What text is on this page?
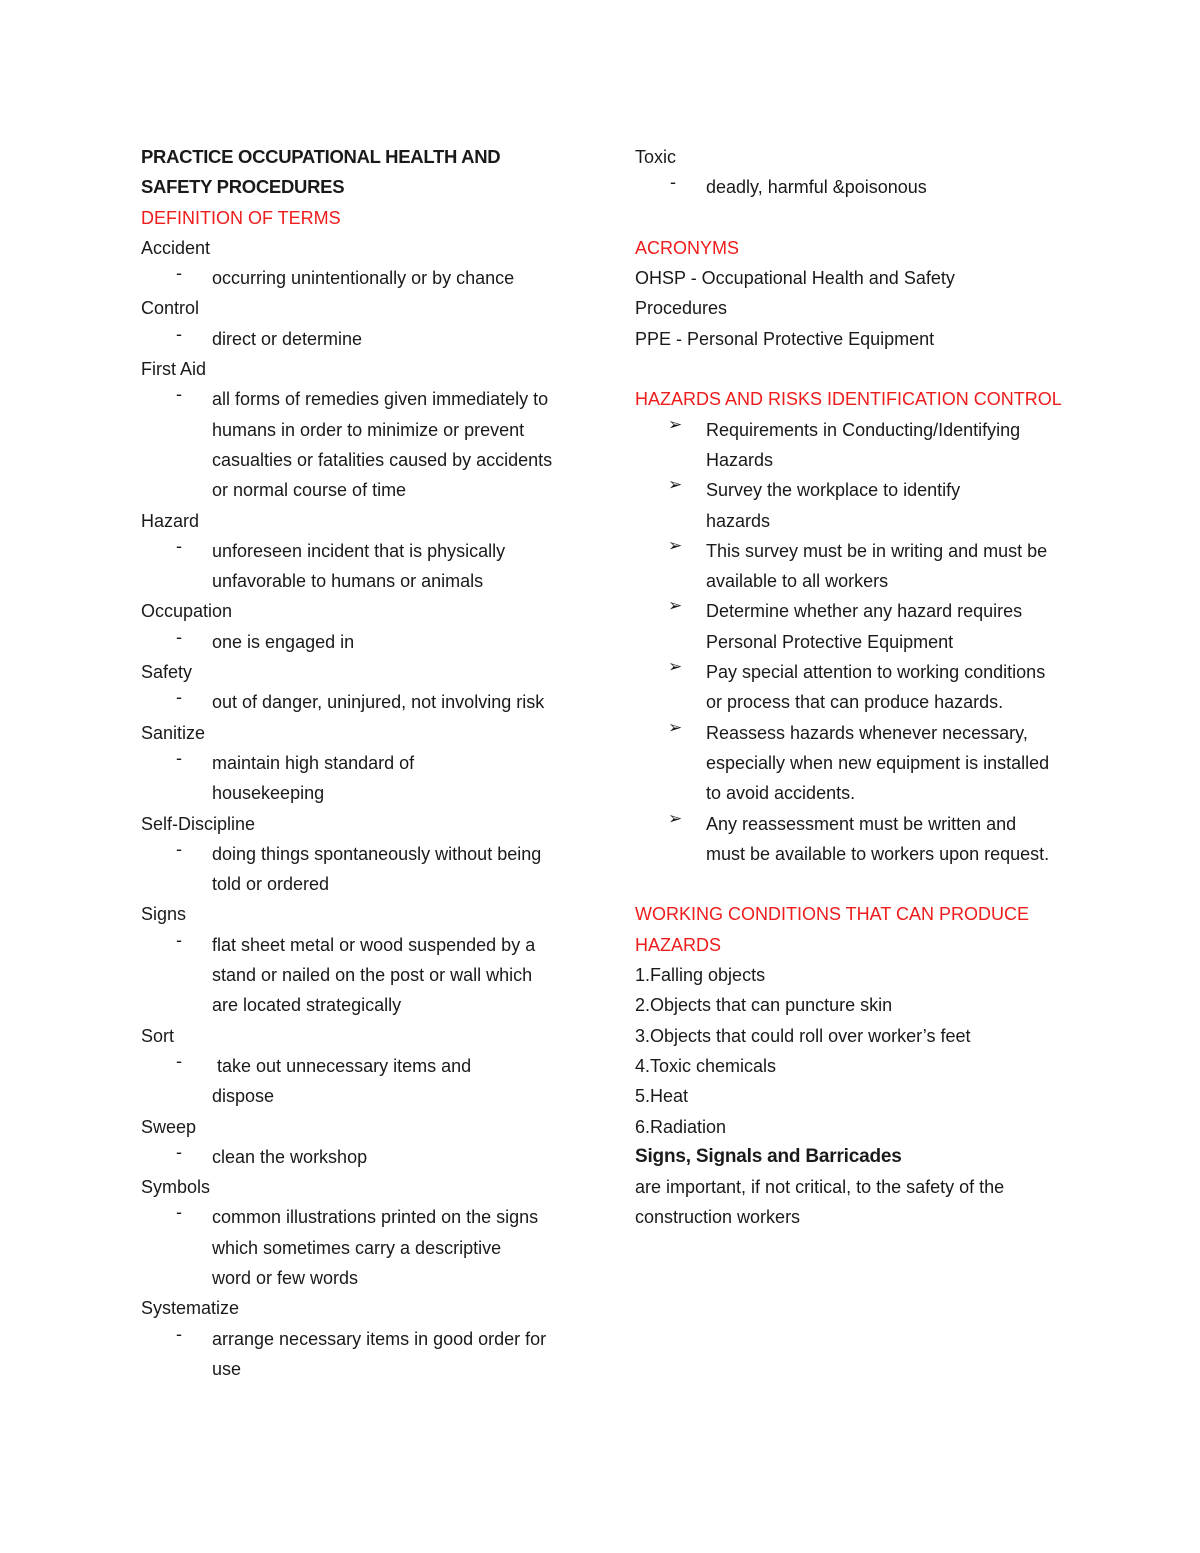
PRACTICE OCCUPATIONAL HEALTH AND
SAFETY PROCEDURES
DEFINITION OF TERMS
Accident
- occurring unintentionally or by chance
Control
- direct or determine
First Aid
- all forms of remedies given immediately to humans in order to minimize or prevent casualties or fatalities caused by accidents or normal course of time
Hazard
- unforeseen incident that is physically unfavorable to humans or animals
Occupation
- one is engaged in
Safety
- out of danger, uninjured, not involving risk
Sanitize
- maintain high standard of housekeeping
Self-Discipline
- doing things spontaneously without being told or ordered
Signs
- flat sheet metal or wood suspended by a stand or nailed on the post or wall which are located strategically
Sort
- take out unnecessary items and dispose
Sweep
- clean the workshop
Symbols
- common illustrations printed on the signs which sometimes carry a descriptive word or few words
Systematize
- arrange necessary items in good order for use
Toxic
- deadly, harmful &poisonous
ACRONYMS
OHSP - Occupational Health and Safety Procedures
PPE - Personal Protective Equipment
HAZARDS AND RISKS IDENTIFICATION CONTROL
➢ Requirements in Conducting/Identifying Hazards
➢ Survey the workplace to identify hazards
➢ This survey must be in writing and must be available to all workers
➢ Determine whether any hazard requires Personal Protective Equipment
➢ Pay special attention to working conditions or process that can produce hazards.
➢ Reassess hazards whenever necessary, especially when new equipment is installed to avoid accidents.
➢ Any reassessment must be written and must be available to workers upon request.
WORKING CONDITIONS THAT CAN PRODUCE HAZARDS
1.Falling objects
2.Objects that can puncture skin
3.Objects that could roll over worker’s feet
4.Toxic chemicals
5.Heat
6.Radiation
Signs, Signals and Barricades
are important, if not critical, to the safety of the construction workers
